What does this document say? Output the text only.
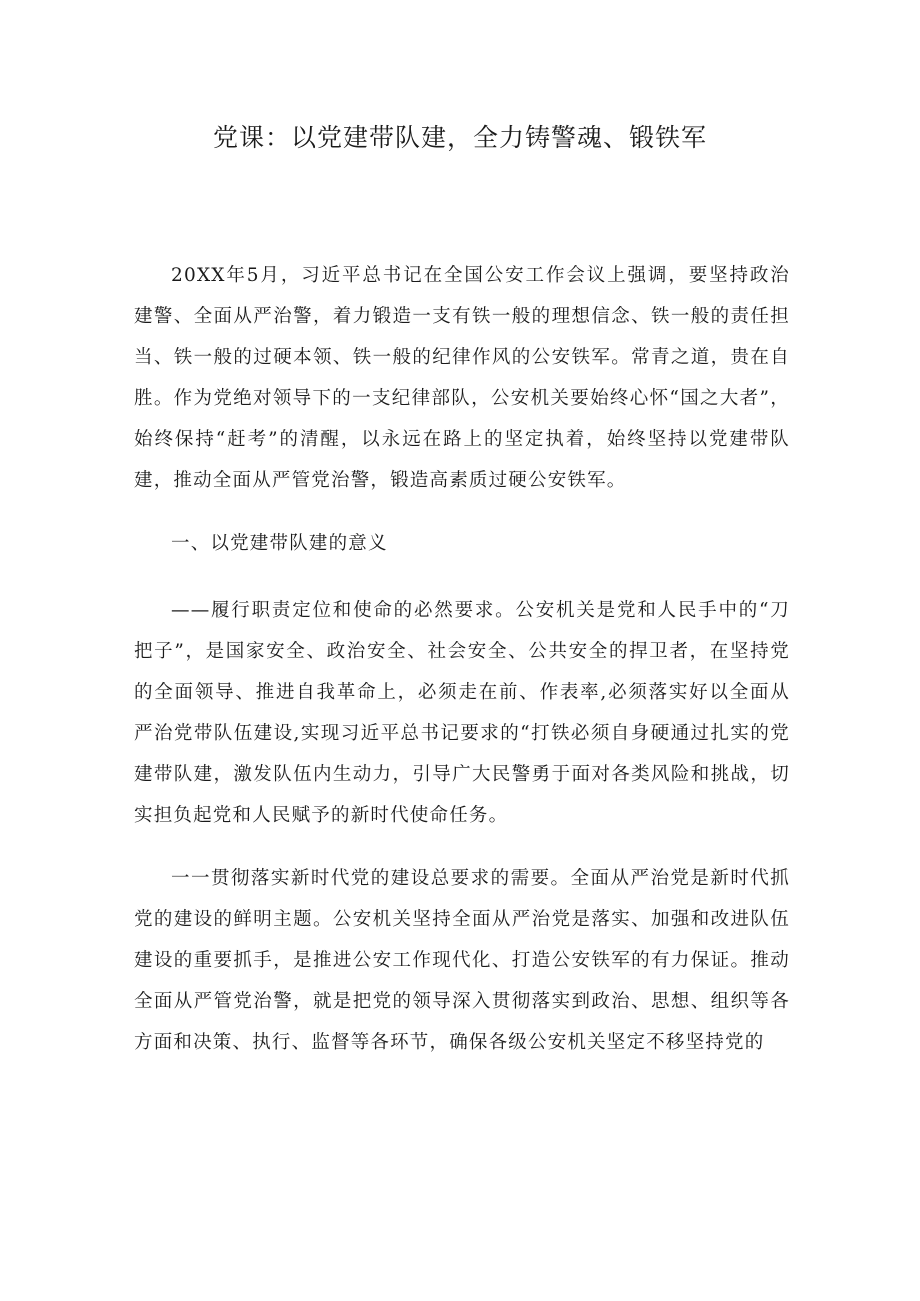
党课：以党建带队建，全力铸警魂、锻铁军

20XX年5月，习近平总书记在全国公安工作会议上强调，要坚持政治建警、全面从严治警，着力锻造一支有铁一般的理想信念、铁一般的责任担当、铁一般的过硬本领、铁一般的纪律作风的公安铁军。常青之道，贵在自胜。作为党绝对领导下的一支纪律部队，公安机关要始终心怀“国之大者”，始终保持“赶考”的清醒，以永远在路上的坚定执着，始终坚持以党建带队建，推动全面从严管党治警，锻造高素质过硬公安铁军。

一、以党建带队建的意义

——履行职责定位和使命的必然要求。公安机关是党和人民手中的“刀把子”，是国家安全、政治安全、社会安全、公共安全的捍卫者，在坚持党的全面领导、推进自我革命上，必须走在前、作表率,必须落实好以全面从严治党带队伍建设,实现习近平总书记要求的“打铁必须自身硬通过扎实的党建带队建，激发队伍内生动力，引导广大民警勇于面对各类风险和挑战，切实担负起党和人民赋予的新时代使命任务。

一一贯彻落实新时代党的建设总要求的需要。全面从严治党是新时代抓党的建设的鲜明主题。公安机关坚持全面从严治党是落实、加强和改进队伍建设的重要抓手，是推进公安工作现代化、打造公安铁军的有力保证。推动全面从严管党治警，就是把党的领导深入贯彻落实到政治、思想、组织等各方面和决策、执行、监督等各环节，确保各级公安机关坚定不移坚持党的
